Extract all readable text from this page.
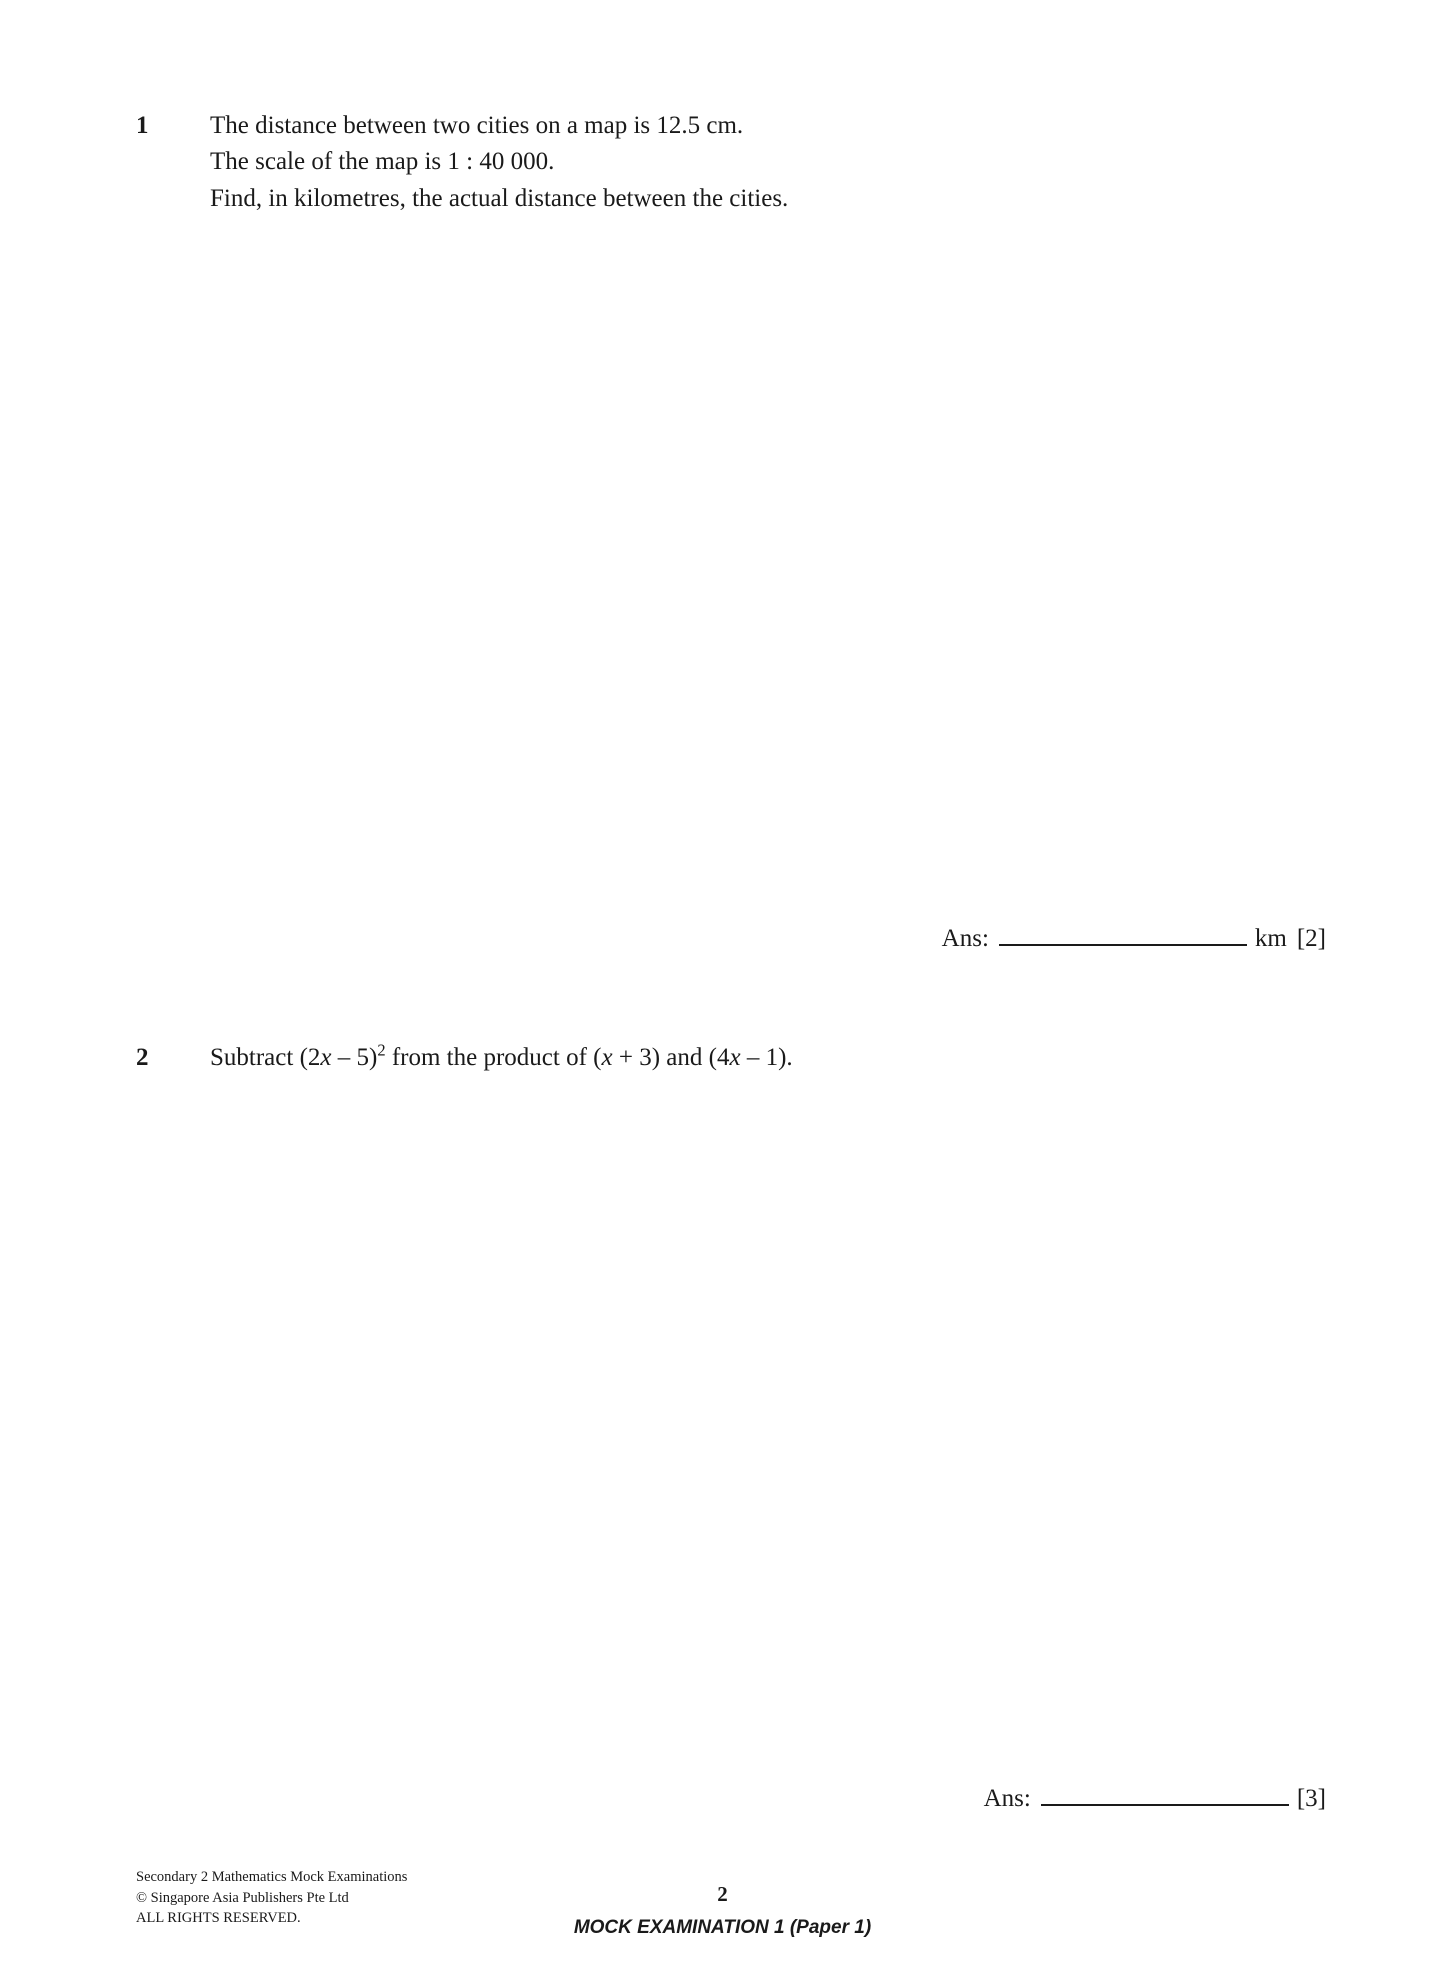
1 The distance between two cities on a map is 12.5 cm.
The scale of the map is 1 : 40 000.
Find, in kilometres, the actual distance between the cities.
Ans:	km [2]
2 Subtract (2x – 5)$^2$ from the product of (x + 3) and (4x – 1).
Ans:	[3]
Secondary 2 Mathematics Mock Examinations
© Singapore Asia Publishers Pte Ltd
ALL RIGHTS RESERVED.
2
MOCK EXAMINATION 1 (Paper 1)
